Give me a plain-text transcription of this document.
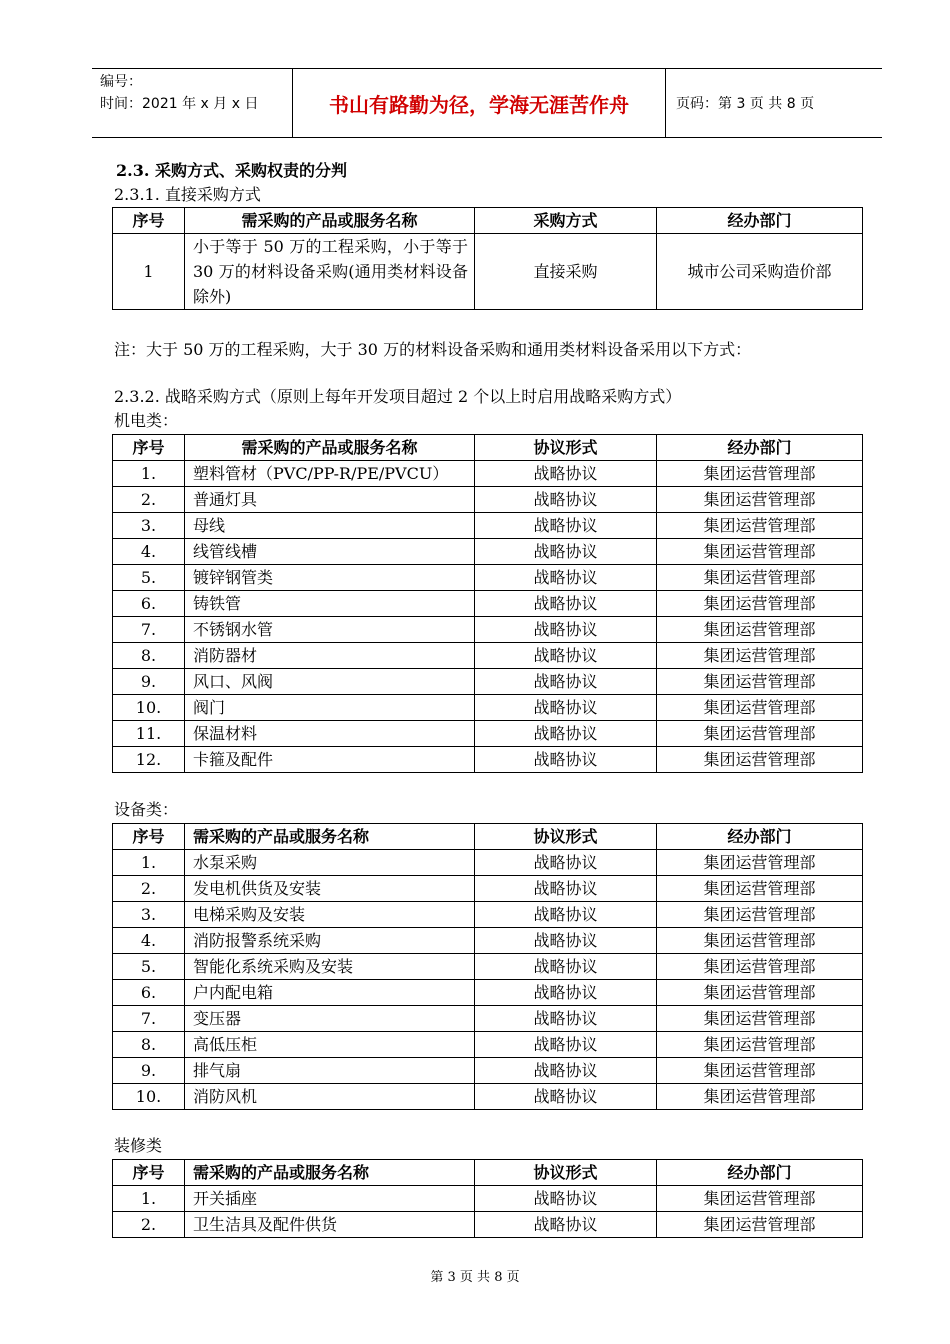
编号：
时间：2021 年 x 月 x 日	书山有路勤为径，学海无涯苦作舟	页码：第 3 页 共 8 页
2.3. 采购方式、采购权责的分判
2.3.1. 直接采购方式
序号	需采购的产品或服务名称	采购方式	经办部门
1	小于等于 50 万的工程采购，小于等于 30 万的材料设备采购(通用类材料设备除外)	直接采购	城市公司采购造价部
注：大于 50 万的工程采购，大于 30 万的材料设备采购和通用类材料设备采用以下方式：
2.3.2. 战略采购方式（原则上每年开发项目超过 2 个以上时启用战略采购方式）
机电类：
序号	需采购的产品或服务名称	协议形式	经办部门
1.	塑料管材（PVC/PP-R/PE/PVCU）	战略协议	集团运营管理部
2.	普通灯具	战略协议	集团运营管理部
3.	母线	战略协议	集团运营管理部
4.	线管线槽	战略协议	集团运营管理部
5.	镀锌钢管类	战略协议	集团运营管理部
6.	铸铁管	战略协议	集团运营管理部
7.	不锈钢水管	战略协议	集团运营管理部
8.	消防器材	战略协议	集团运营管理部
9.	风口、风阀	战略协议	集团运营管理部
10.	阀门	战略协议	集团运营管理部
11.	保温材料	战略协议	集团运营管理部
12.	卡箍及配件	战略协议	集团运营管理部
设备类：
序号	需采购的产品或服务名称	协议形式	经办部门
1.	水泵采购	战略协议	集团运营管理部
2.	发电机供货及安装	战略协议	集团运营管理部
3.	电梯采购及安装	战略协议	集团运营管理部
4.	消防报警系统采购	战略协议	集团运营管理部
5.	智能化系统采购及安装	战略协议	集团运营管理部
6.	户内配电箱	战略协议	集团运营管理部
7.	变压器	战略协议	集团运营管理部
8.	高低压柜	战略协议	集团运营管理部
9.	排气扇	战略协议	集团运营管理部
10.	消防风机	战略协议	集团运营管理部
装修类
序号	需采购的产品或服务名称	协议形式	经办部门
1.	开关插座	战略协议	集团运营管理部
2.	卫生洁具及配件供货	战略协议	集团运营管理部
第 3 页 共 8 页
